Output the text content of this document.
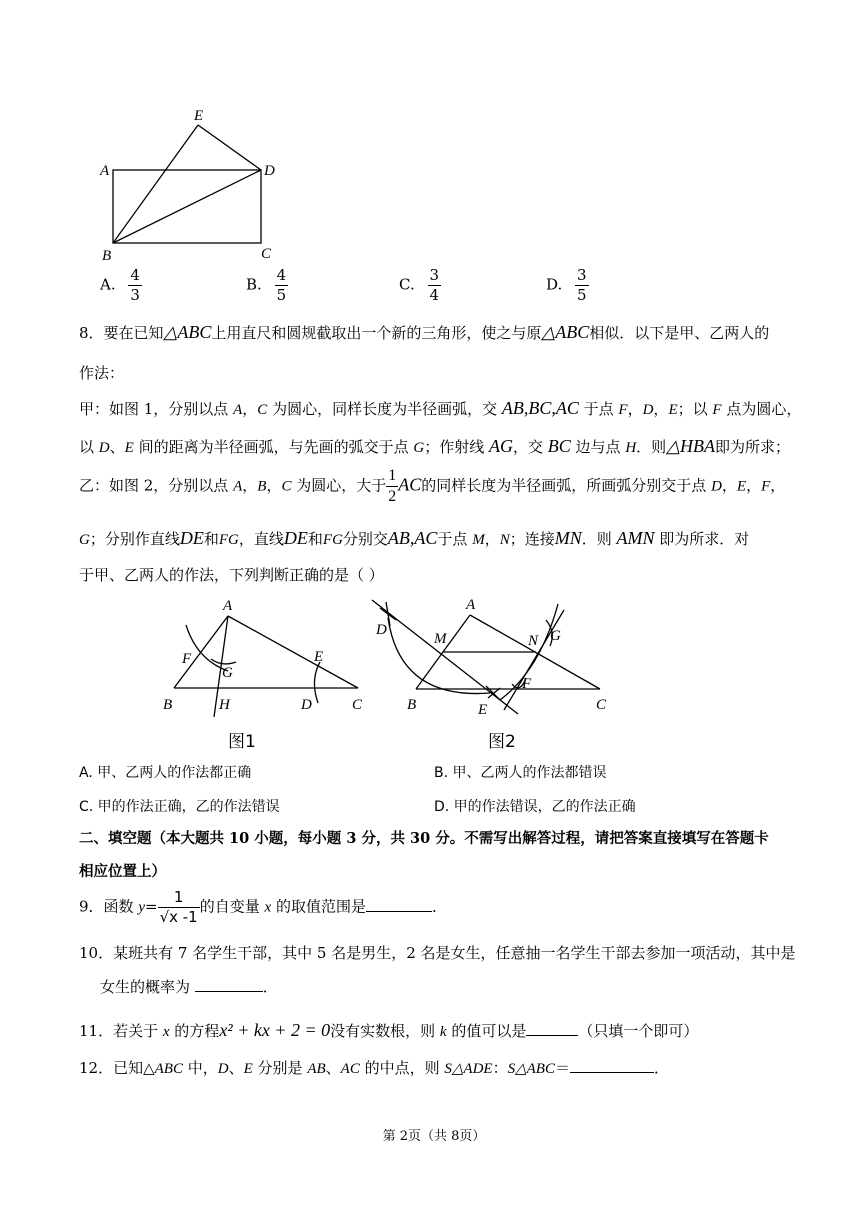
E
A	D
B	C
A. $\frac{4}{3}$	B. $\frac{4}{5}$	C. $\frac{3}{4}$	D. $\frac{3}{5}$
8．要在已知△ABC上用直尺和圆规截取出一个新的三角形，使之与原△ABC相似．以下是甲、乙两人的
作法：
甲：如图 1，分别以点 A，C 为圆心，同样长度为半径画弧，交 AB,BC,AC 于点 F，D，E；以 F 点为圆心，
以 D、E 间的距离为半径画弧，与先画的弧交于点 G；作射线 AG，交 BC 边与点 H．则△HBA即为所求；
乙：如图 2，分别以点 A，B，C 为圆心，大于 $\frac{1}{2}$ AC的同样长度为半径画弧，所画弧分别交于点 D，E，F，
G；分别作直线DE和FG，直线DE和FG分别交AB,AC于点 M，N；连接MN．则 AMN 即为所求．对
于甲、乙两人的作法，下列判断正确的是（ ）
A
F
G
E
B	H	D	C
图1
A
D
M	N G
F
B	E	C
图2
A. 甲、乙两人的作法都正确	B. 甲、乙两人的作法都错误
C. 甲的作法正确，乙的作法错误	D. 甲的作法错误，乙的作法正确
二、填空题（本大题共 10 小题，每小题 3 分，共 30 分。不需写出解答过程，请把答案直接填写在答题卡
相应位置上）
9．函数 $y= \frac{1}{√x -1}$ 的自变量 x 的取值范围是	．
10．某班共有 7 名学生干部，其中 5 名是男生，2 名是女生，任意抽一名学生干部去参加一项活动，其中是
女生的概率为	．
11．若关于 x 的方程x² + kx + 2 = 0没有实数根，则 k 的值可以是	（只填一个即可）
12．已知△ABC 中，D、E 分别是 AB、AC 的中点，则 S△ADE：S△ABC＝	．
第 2页（共 8页）
